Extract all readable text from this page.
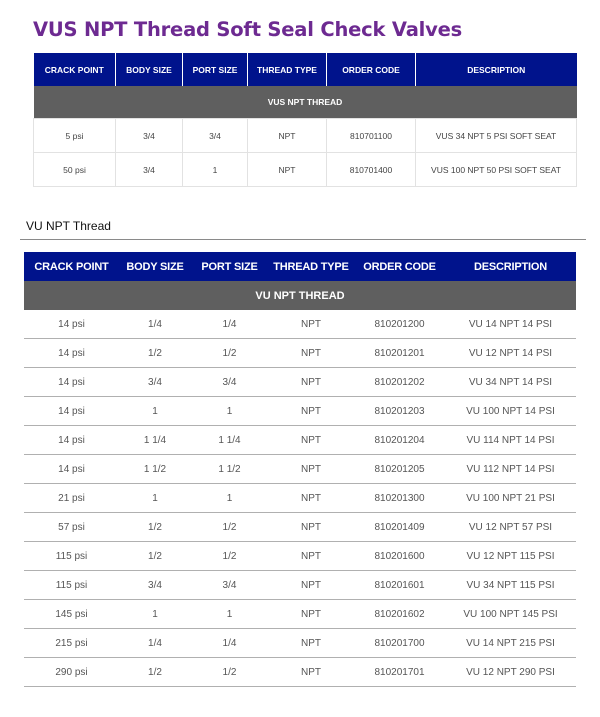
VUS NPT Thread Soft Seal Check Valves
CRACK POINT	BODY SIZE	PORT SIZE	THREAD TYPE	ORDER CODE	DESCRIPTION
VUS NPT THREAD					
5 psi	3/4	3/4	NPT	810701100	VUS 34 NPT 5 PSI SOFT SEAT
50 psi	3/4	1	NPT	810701400	VUS 100 NPT 50 PSI SOFT SEAT
VU NPT Thread
CRACK POINT	BODY SIZE	PORT SIZE	THREAD TYPE	ORDER CODE	DESCRIPTION
VU NPT THREAD					
14 psi	1/4	1/4	NPT	810201200	VU 14 NPT 14 PSI
14 psi	1/2	1/2	NPT	810201201	VU 12 NPT 14 PSI
14 psi	3/4	3/4	NPT	810201202	VU 34 NPT 14 PSI
14 psi	1	1	NPT	810201203	VU 100 NPT 14 PSI
14 psi	1 1/4	1 1/4	NPT	810201204	VU 114 NPT 14 PSI
14 psi	1 1/2	1 1/2	NPT	810201205	VU 112 NPT 14 PSI
21 psi	1	1	NPT	810201300	VU 100 NPT 21 PSI
57 psi	1/2	1/2	NPT	810201409	VU 12 NPT 57 PSI
115 psi	1/2	1/2	NPT	810201600	VU 12 NPT 115 PSI
115 psi	3/4	3/4	NPT	810201601	VU 34 NPT 115 PSI
145 psi	1	1	NPT	810201602	VU 100 NPT 145 PSI
215 psi	1/4	1/4	NPT	810201700	VU 14 NPT 215 PSI
290 psi	1/2	1/2	NPT	810201701	VU 12 NPT 290 PSI
